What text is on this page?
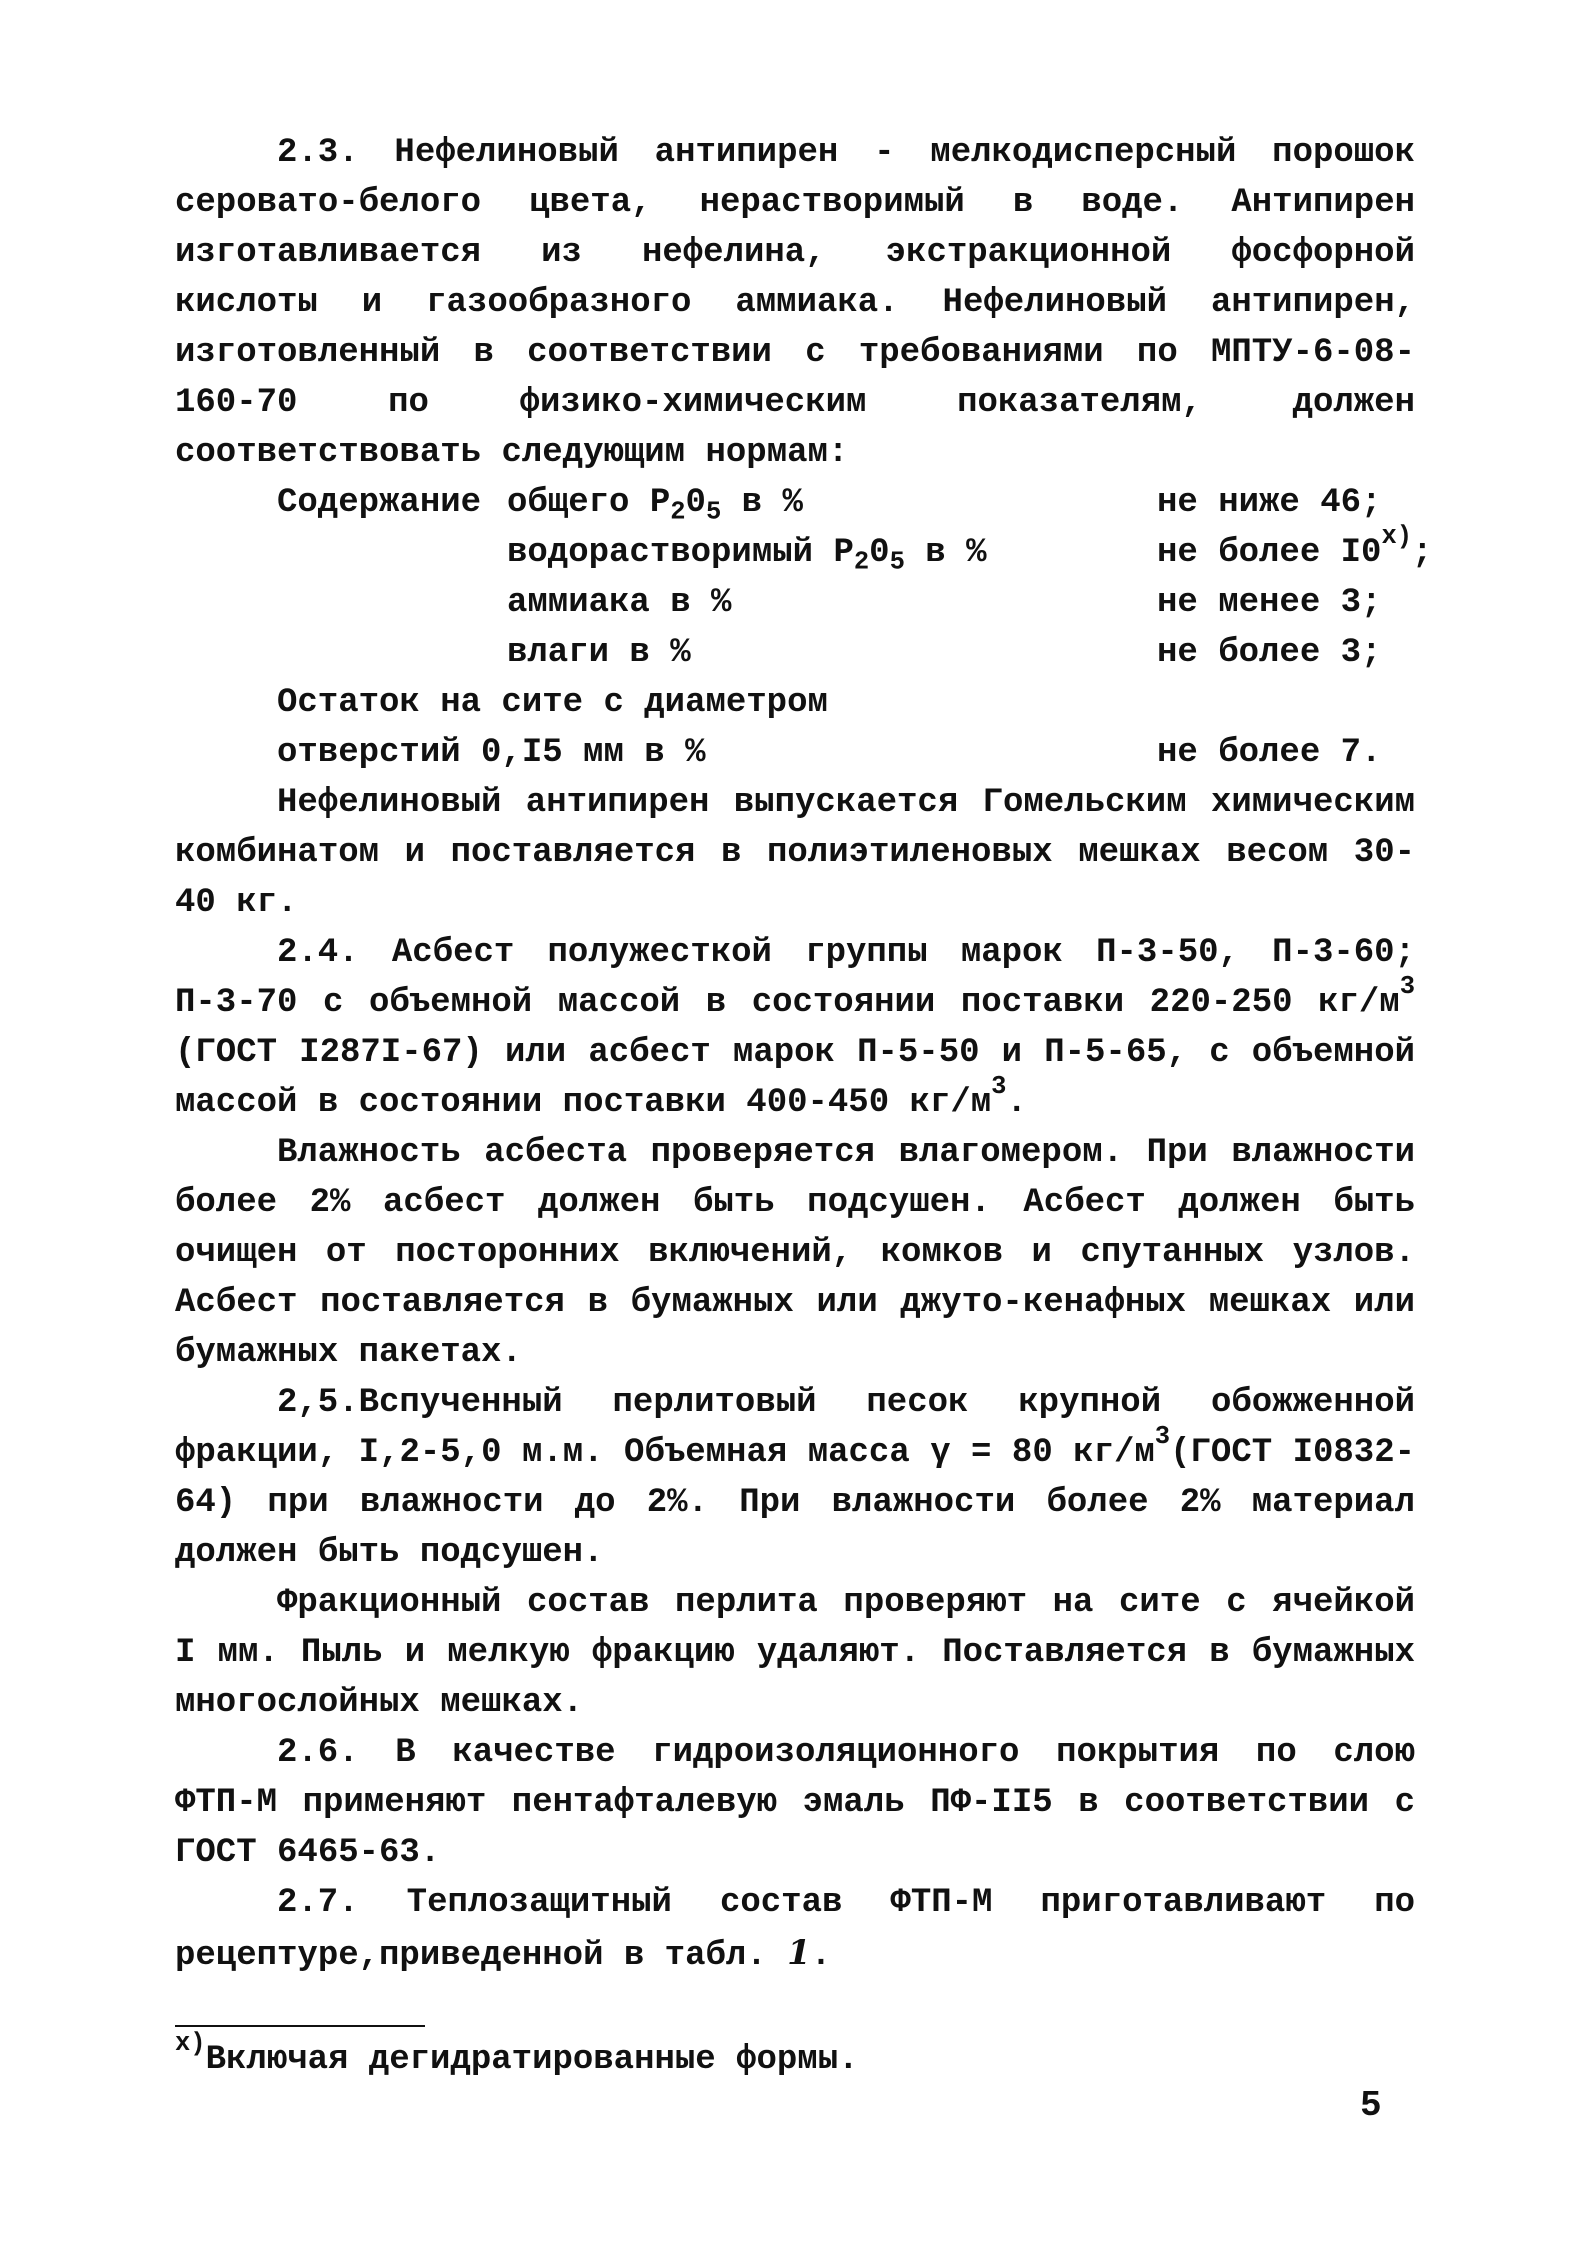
2.3. Нефелиновый антипирен - мелкодисперсный порошок серовато-белого цвета, нерастворимый в воде. Антипирен изготавливается из нефелина, экстракционной фосфорной кислоты и газообразного аммиака. Нефелиновый антипирен, изготовленный в соответствии с требованиями по МПТУ-6-08-160-70 по физико-химическим показателям, должен соответствовать следующим нормам:

Содержание общего $P_20_5$ в %	не ниже 46;
водорастворимый $P_20_5$ в %	не более I0$^{x)}$;
аммиака в %	не менее 3;
влаги в %	не более 3;
Остаток на сите с диаметром
отверстий 0,I5 мм в %	не более 7.

Нефелиновый антипирен выпускается Гомельским химическим комбинатом и поставляется в полиэтиленовых мешках весом 30-40 кг.

2.4. Асбест полужесткой группы марок П-3-50, П-3-60; П-3-70 с объемной массой в состоянии поставки 220-250 $кг/м^3$ (ГОСТ I287I-67) или асбест марок П-5-50 и П-5-65, с объемной массой в состоянии поставки 400-450 $кг/м^3$.

Влажность асбеста проверяется влагомером. При влажности более 2% асбест должен быть подсушен. Асбест должен быть очищен от посторонних включений, комков и спутанных узлов. Асбест поставляется в бумажных или джуто-кенафных мешках или бумажных пакетах.

2,5.Вспученный перлитовый песок крупной обожженной фракции, I,2-5,0 м.м. Объемная масса γ = 80 $кг/м^3(ГОСТ$ I0832-64) при влажности до 2%. При влажности более 2% материал должен быть подсушен.

Фракционный состав перлита проверяют на сите с ячейкой I мм. Пыль и мелкую фракцию удаляют. Поставляется в бумажных многослойных мешках.

2.6. В качестве гидроизоляционного покрытия по слою ФТП-М применяют пентафталевую эмаль ПФ-II5 в соответствии с ГОСТ 6465-63.

2.7. Теплозащитный состав ФТП-М приготавливают по рецептуре,приведенной в табл. 1.

$^{x)}$Включая дегидратированные формы.
5
